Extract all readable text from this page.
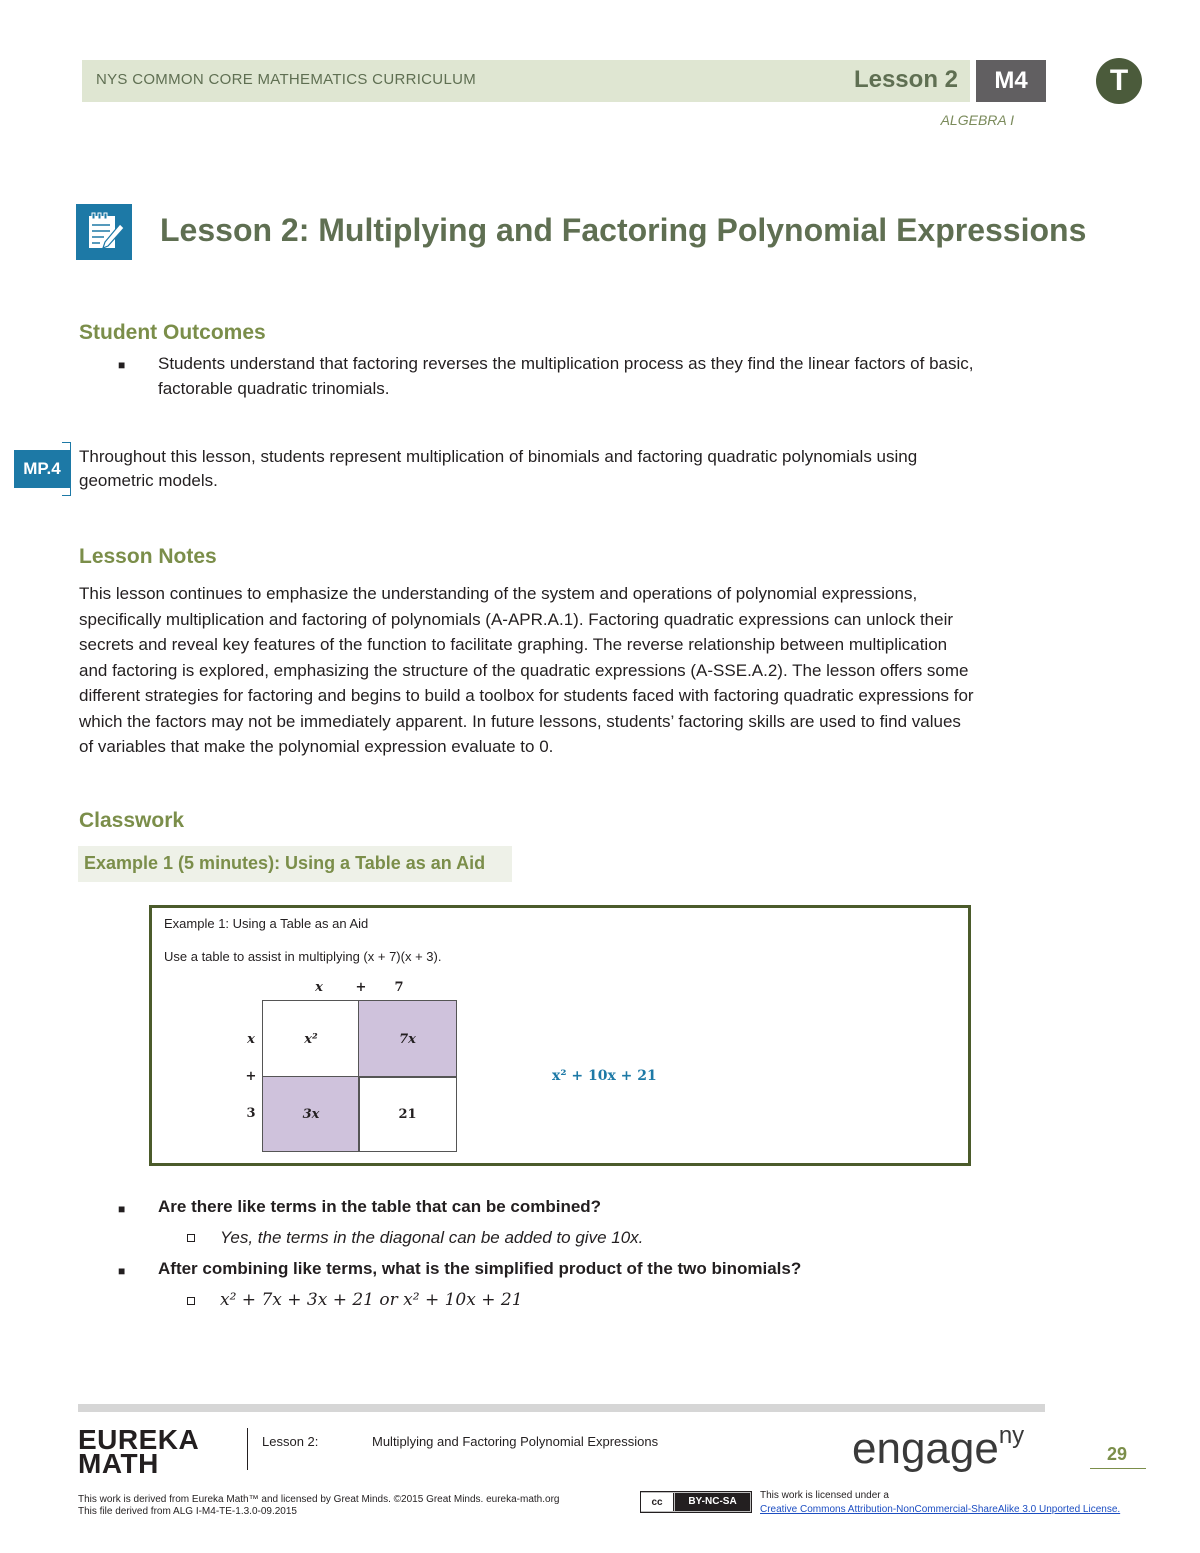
NYS COMMON CORE MATHEMATICS CURRICULUM	Lesson 2	M4	T
ALGEBRA I
Lesson 2: Multiplying and Factoring Polynomial Expressions
Student Outcomes
■ Students understand that factoring reverses the multiplication process as they find the linear factors of basic,
factorable quadratic trinomials.
MP.4
Throughout this lesson, students represent multiplication of binomials and factoring quadratic polynomials using
geometric models.
Lesson Notes
This lesson continues to emphasize the understanding of the system and operations of polynomial expressions,
specifically multiplication and factoring of polynomials (A-APR.A.1). Factoring quadratic expressions can unlock their
secrets and reveal key features of the function to facilitate graphing. The reverse relationship between multiplication
and factoring is explored, emphasizing the structure of the quadratic expressions (A-SSE.A.2). The lesson offers some
different strategies for factoring and begins to build a toolbox for students faced with factoring quadratic expressions for
which the factors may not be immediately apparent. In future lessons, students’ factoring skills are used to find values
of variables that make the polynomial expression evaluate to 0.
Classwork
Example 1 (5 minutes): Using a Table as an Aid
Example 1: Using a Table as an Aid
Use a table to assist in multiplying (x + 7)(x + 3).
x	+	7
x
+
3
x²	7x
3x	21
x² + 10x + 21
■ Are there like terms in the table that can be combined?
Yes, the terms in the diagonal can be added to give 10x.
■ After combining like terms, what is the simplified product of the two binomials?
x² + 7x + 3x + 21 or x² + 10x + 21
EUREKA
MATH
Lesson 2:	Multiplying and Factoring Polynomial Expressions	engage$^{ny}$
29
This work is derived from Eureka Math™ and licensed by Great Minds. ©2015 Great Minds. eureka-math.org
This file derived from ALG I-M4-TE-1.3.0-09.2015
cc	BY-NC-SA
This work is licensed under a
Creative Commons Attribution-NonCommercial-ShareAlike 3.0 Unported License.
